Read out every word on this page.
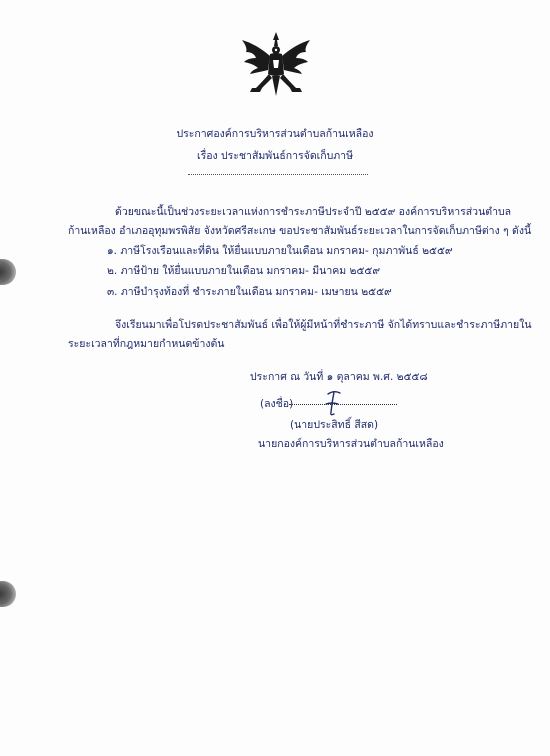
ประกาศองค์การบริหารส่วนตำบลก้านเหลือง
เรื่อง ประชาสัมพันธ์การจัดเก็บภาษี
ด้วยขณะนี้เป็นช่วงระยะเวลาแห่งการชำระภาษีประจำปี ๒๕๕๙ องค์การบริหารส่วนตำบล
ก้านเหลือง อำเภออุทุมพรพิสัย จังหวัดศรีสะเกษ ขอประชาสัมพันธ์ระยะเวลาในการจัดเก็บภาษีต่าง ๆ ดังนี้
๑. ภาษีโรงเรือนและที่ดิน ให้ยื่นแบบภายในเดือน มกราคม- กุมภาพันธ์ ๒๕๕๙
๒. ภาษีป้าย ให้ยื่นแบบภายในเดือน มกราคม- มีนาคม ๒๕๕๙
๓. ภาษีบำรุงท้องที่ ชำระภายในเดือน มกราคม- เมษายน ๒๕๕๙
จึงเรียนมาเพื่อโปรดประชาสัมพันธ์ เพื่อให้ผู้มีหน้าที่ชำระภาษี จักได้ทราบและชำระภาษีภายใน
ระยะเวลาที่กฎหมายกำหนดข้างต้น
ประกาศ ณ วันที่ ๑ ตุลาคม พ.ศ. ๒๕๕๘
(ลงชื่อ)
(นายประสิทธิ์ สีสด)
นายกองค์การบริหารส่วนตำบลก้านเหลือง
